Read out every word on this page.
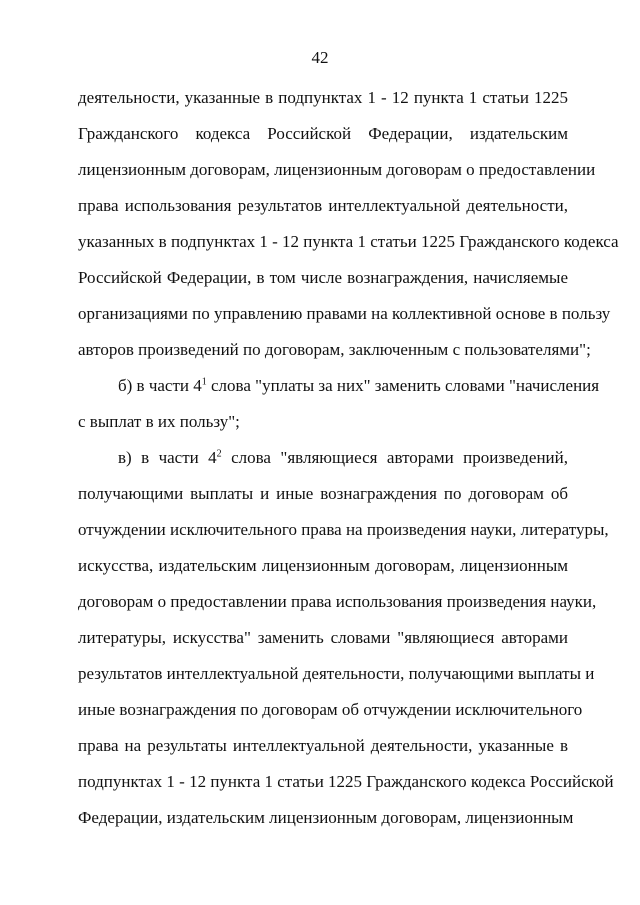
42
деятельности, указанные в подпунктах 1 - 12 пункта 1 статьи 1225
Гражданского кодекса Российской Федерации, издательским
лицензионным договорам, лицензионным договорам о предоставлении
права использования результатов интеллектуальной деятельности,
указанных в подпунктах 1 - 12 пункта 1 статьи 1225 Гражданского кодекса
Российской Федерации, в том числе вознаграждения, начисляемые
организациями по управлению правами на коллективной основе в пользу
авторов произведений по договорам, заключенным с пользователями";
б) в части $4^1$ слова "уплаты за них" заменить словами "начисления
с выплат в их пользу";
в) в части $4^2$ слова "являющиеся авторами произведений,
получающими выплаты и иные вознаграждения по договорам об
отчуждении исключительного права на произведения науки, литературы,
искусства, издательским лицензионным договорам, лицензионным
договорам о предоставлении права использования произведения науки,
литературы, искусства" заменить словами "являющиеся авторами
результатов интеллектуальной деятельности, получающими выплаты и
иные вознаграждения по договорам об отчуждении исключительного
права на результаты интеллектуальной деятельности, указанные в
подпунктах 1 - 12 пункта 1 статьи 1225 Гражданского кодекса Российской
Федерации, издательским лицензионным договорам, лицензионным
